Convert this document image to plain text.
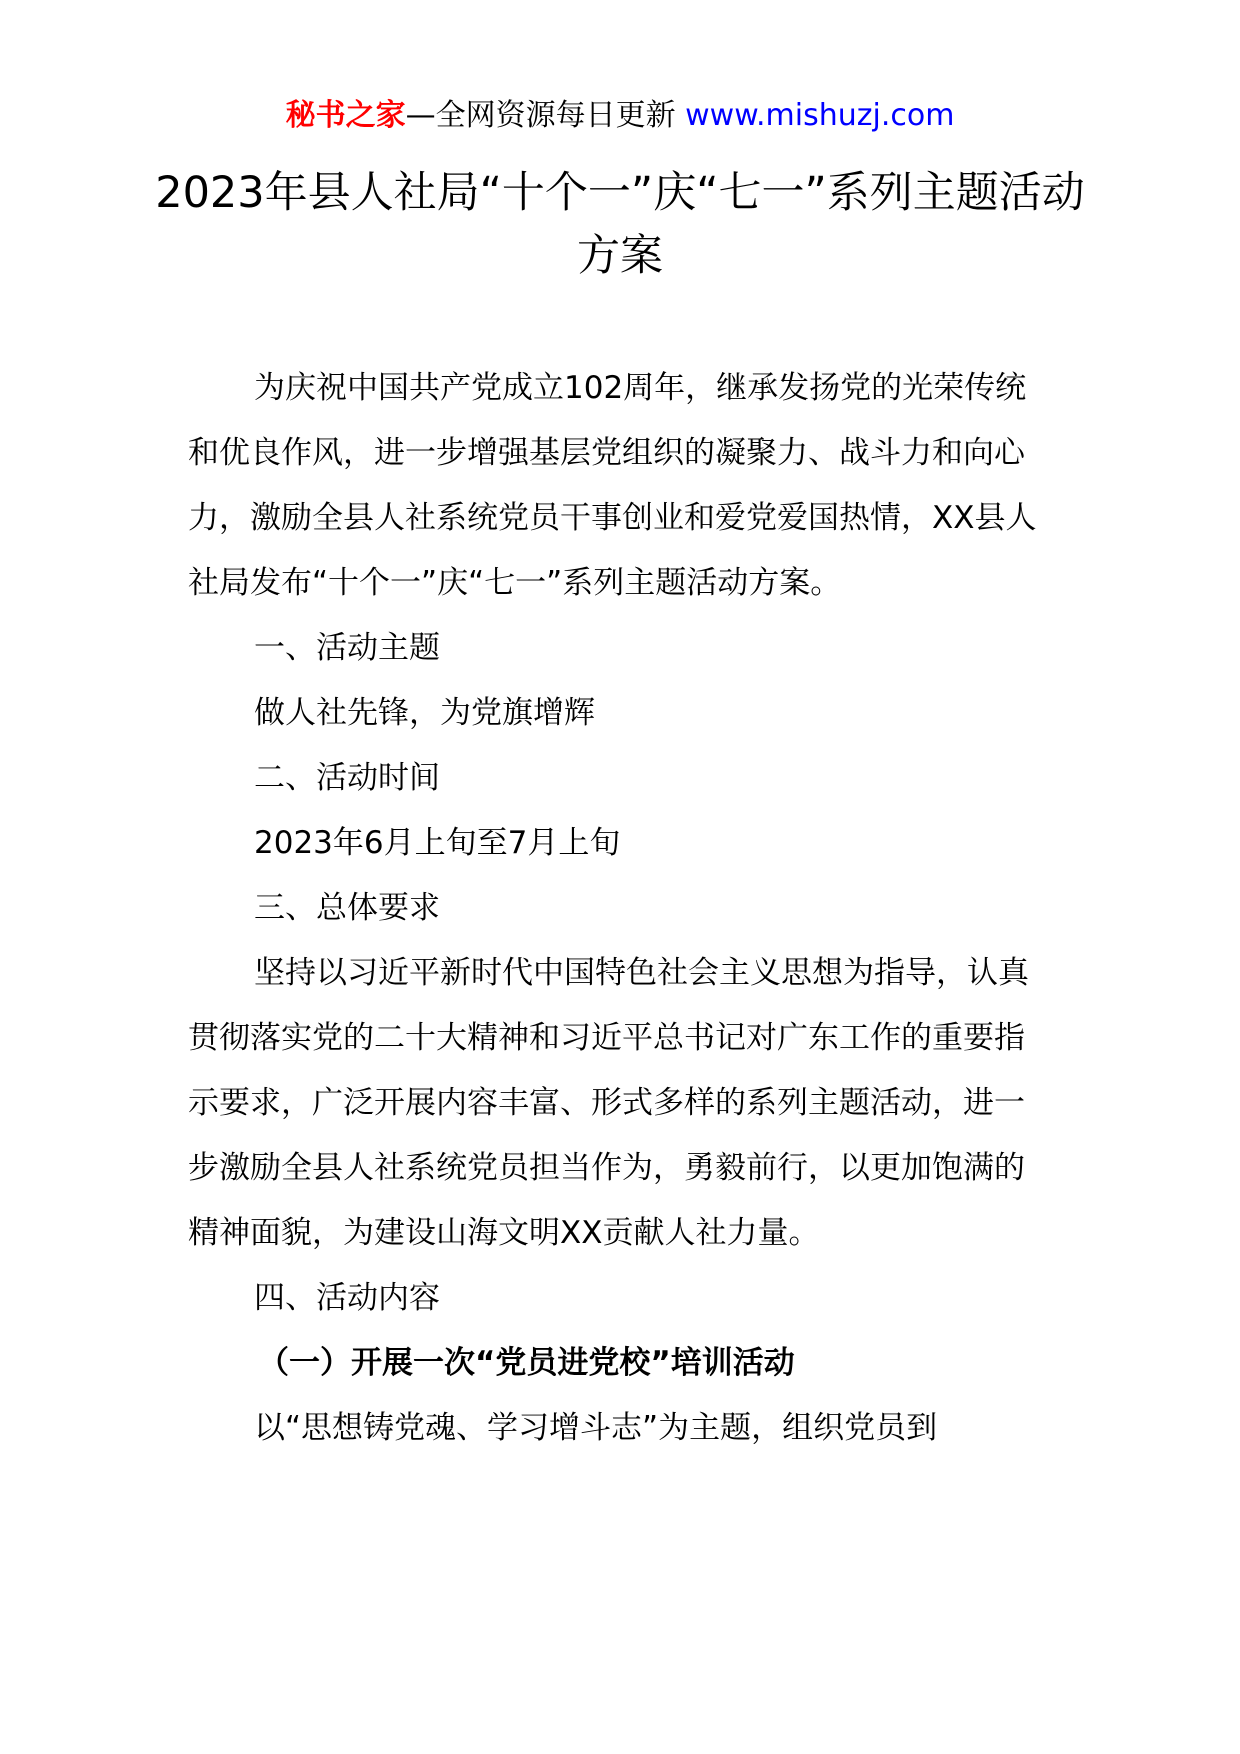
秘书之家—全网资源每日更新 www.mishuzj.com
2023年县人社局“十个一”庆“七一”系列主题活动方案

为庆祝中国共产党成立102周年，继承发扬党的光荣传统和优良作风，进一步增强基层党组织的凝聚力、战斗力和向心力，激励全县人社系统党员干事创业和爱党爱国热情，XX县人社局发布“十个一”庆“七一”系列主题活动方案。

一、活动主题

做人社先锋，为党旗增辉

二、活动时间

2023年6月上旬至7月上旬

三、总体要求

坚持以习近平新时代中国特色社会主义思想为指导，认真贯彻落实党的二十大精神和习近平总书记对广东工作的重要指示要求，广泛开展内容丰富、形式多样的系列主题活动，进一步激励全县人社系统党员担当作为，勇毅前行，以更加饱满的精神面貌，为建设山海文明XX贡献人社力量。

四、活动内容

（一）开展一次“党员进党校”培训活动

以“思想铸党魂、学习增斗志”为主题，组织党员到
